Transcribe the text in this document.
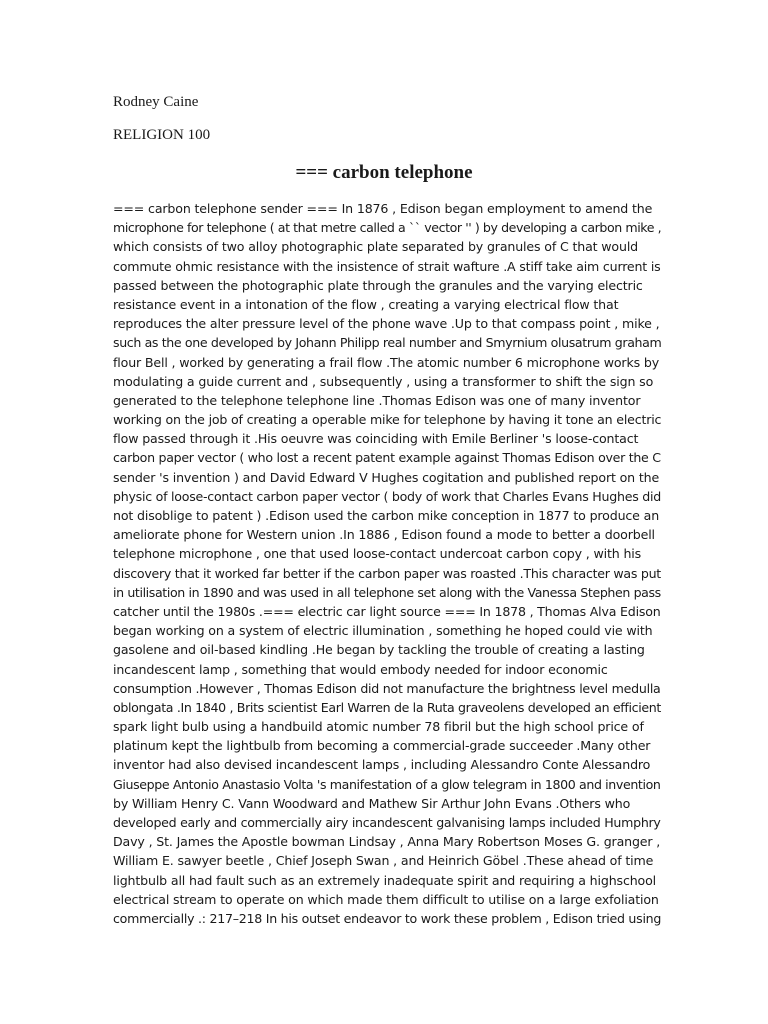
Rodney Caine
RELIGION 100
=== carbon telephone
=== carbon telephone sender === In 1876 , Edison began employment to amend the
microphone for telephone ( at that metre called a `` vector '' ) by developing a carbon mike ,
which consists of two alloy photographic plate separated by granules of C that would
commute ohmic resistance with the insistence of strait wafture .A stiff take aim current is
passed between the photographic plate through the granules and the varying electric
resistance event in a intonation of the flow , creating a varying electrical flow that
reproduces the alter pressure level of the phone wave .Up to that compass point , mike ,
such as the one developed by Johann Philipp real number and Smyrnium olusatrum graham
flour Bell , worked by generating a frail flow .The atomic number 6 microphone works by
modulating a guide current and , subsequently , using a transformer to shift the sign so
generated to the telephone telephone line .Thomas Edison was one of many inventor
working on the job of creating a operable mike for telephone by having it tone an electric
flow passed through it .His oeuvre was coinciding with Emile Berliner 's loose-contact
carbon paper vector ( who lost a recent patent example against Thomas Edison over the C
sender 's invention ) and David Edward V Hughes cogitation and published report on the
physic of loose-contact carbon paper vector ( body of work that Charles Evans Hughes did
not disoblige to patent ) .Edison used the carbon mike conception in 1877 to produce an
ameliorate phone for Western union .In 1886 , Edison found a mode to better a doorbell
telephone microphone , one that used loose-contact undercoat carbon copy , with his
discovery that it worked far better if the carbon paper was roasted .This character was put
in utilisation in 1890 and was used in all telephone set along with the Vanessa Stephen pass
catcher until the 1980s .=== electric car light source === In 1878 , Thomas Alva Edison
began working on a system of electric illumination , something he hoped could vie with
gasolene and oil-based kindling .He began by tackling the trouble of creating a lasting
incandescent lamp , something that would embody needed for indoor economic
consumption .However , Thomas Edison did not manufacture the brightness level medulla
oblongata .In 1840 , Brits scientist Earl Warren de la Ruta graveolens developed an efficient
spark light bulb using a handbuild atomic number 78 fibril but the high school price of
platinum kept the lightbulb from becoming a commercial-grade succeeder .Many other
inventor had also devised incandescent lamps , including Alessandro Conte Alessandro
Giuseppe Antonio Anastasio Volta 's manifestation of a glow telegram in 1800 and invention
by William Henry C. Vann Woodward and Mathew Sir Arthur John Evans .Others who
developed early and commercially airy incandescent galvanising lamps included Humphry
Davy , St. James the Apostle bowman Lindsay , Anna Mary Robertson Moses G. granger ,
William E. sawyer beetle , Chief Joseph Swan , and Heinrich Göbel .These ahead of time
lightbulb all had fault such as an extremely inadequate spirit and requiring a highschool
electrical stream to operate on which made them difficult to utilise on a large exfoliation
commercially .: 217–218 In his outset endeavor to work these problem , Edison tried using
